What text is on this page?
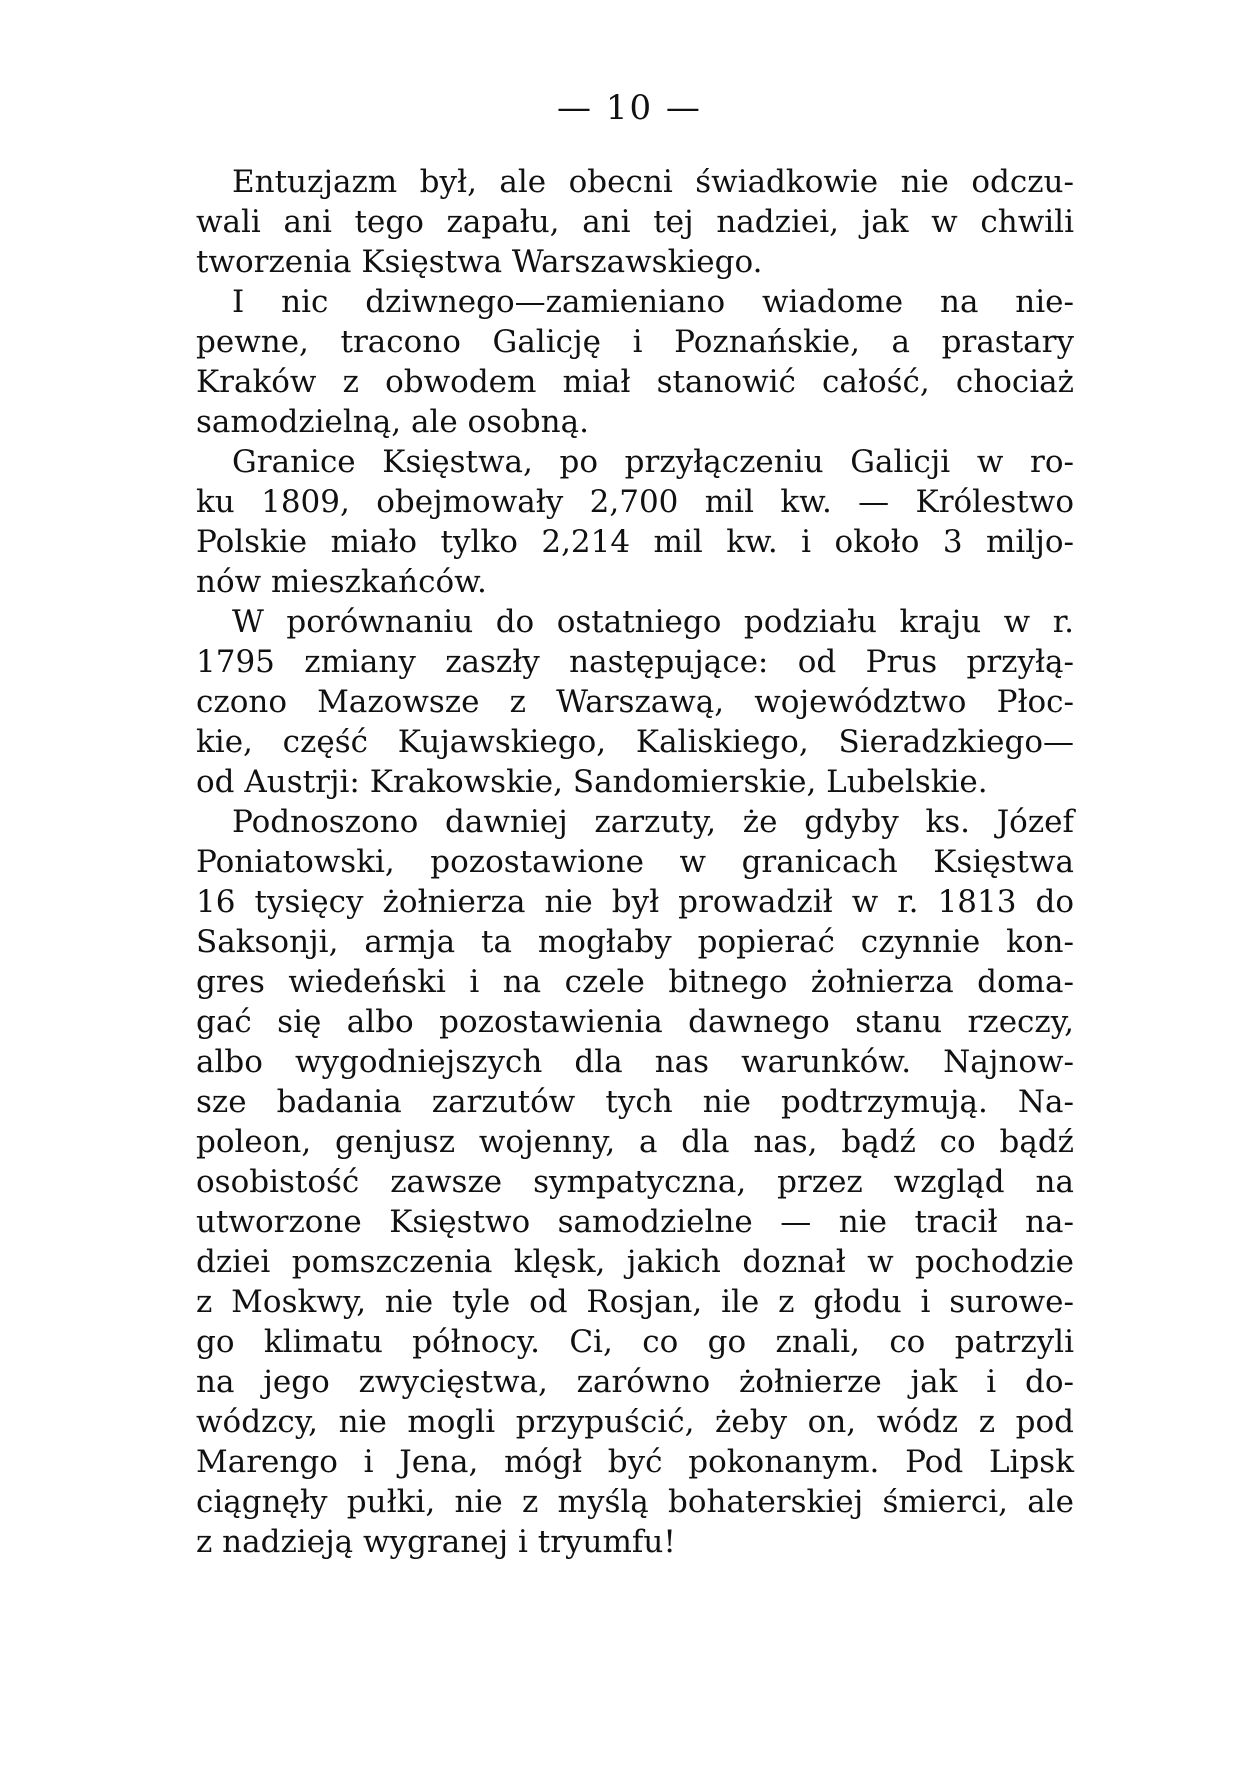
— 10 —
Entuzjazm był, ale obecni świadkowie nie odczu-
wali ani tego zapału, ani tej nadziei, jak w chwili
tworzenia Księstwa Warszawskiego.
I nic dziwnego—zamieniano wiadome na nie-
pewne, tracono Galicję i Poznańskie, a prastary
Kraków z obwodem miał stanowić całość, chociaż
samodzielną, ale osobną.
Granice Księstwa, po przyłączeniu Galicji w ro-
ku 1809, obejmowały 2,700 mil kw. — Królestwo
Polskie miało tylko 2,214 mil kw. i około 3 miljo-
nów mieszkańców.
W porównaniu do ostatniego podziału kraju w r.
1795 zmiany zaszły następujące: od Prus przyłą-
czono Mazowsze z Warszawą, województwo Płoc-
kie, część Kujawskiego, Kaliskiego, Sieradzkiego—
od Austrji: Krakowskie, Sandomierskie, Lubelskie.
Podnoszono dawniej zarzuty, że gdyby ks. Józef
Poniatowski, pozostawione w granicach Księstwa
16 tysięcy żołnierza nie był prowadził w r. 1813 do
Saksonji, armja ta mogłaby popierać czynnie kon-
gres wiedeński i na czele bitnego żołnierza doma-
gać się albo pozostawienia dawnego stanu rzeczy,
albo wygodniejszych dla nas warunków. Najnow-
sze badania zarzutów tych nie podtrzymują. Na-
poleon, genjusz wojenny, a dla nas, bądź co bądź
osobistość zawsze sympatyczna, przez wzgląd na
utworzone Księstwo samodzielne — nie tracił na-
dziei pomszczenia klęsk, jakich doznał w pochodzie
z Moskwy, nie tyle od Rosjan, ile z głodu i surowe-
go klimatu północy. Ci, co go znali, co patrzyli
na jego zwycięstwa, zarówno żołnierze jak i do-
wódzcy, nie mogli przypuścić, żeby on, wódz z pod
Marengo i Jena, mógł być pokonanym. Pod Lipsk
ciągnęły pułki, nie z myślą bohaterskiej śmierci, ale
z nadzieją wygranej i tryumfu!
